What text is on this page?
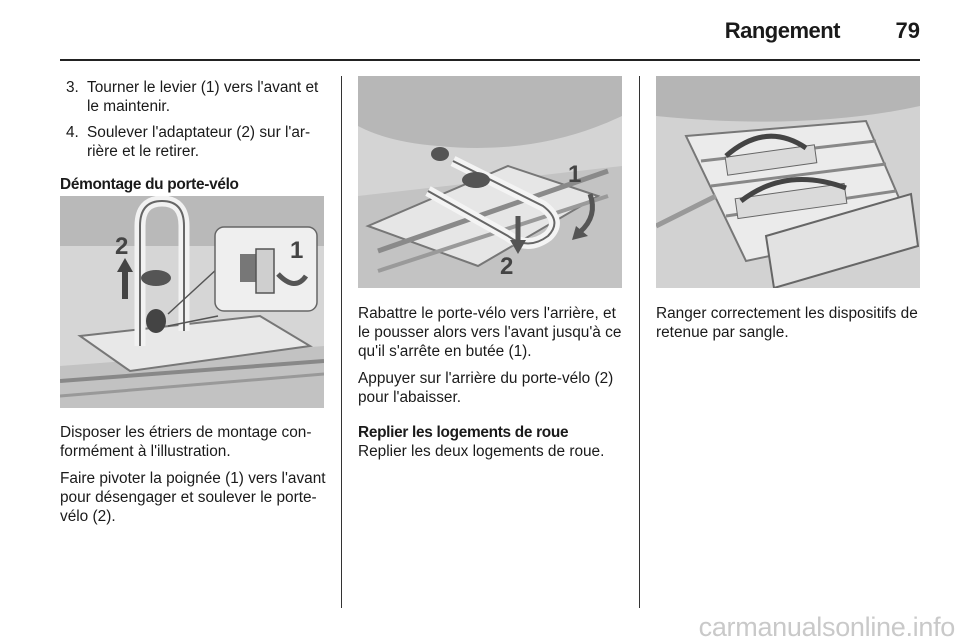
Rangement	79
3. Tourner le levier (1) vers l'avant et le maintenir.
4. Soulever l'adaptateur (2) sur l'ar-rière et le retirer.

Démontage du porte-vélo

2	1

Disposer les étriers de montage con-formément à l'illustration.

Faire pivoter la poignée (1) vers l'avant pour désengager et soulever le porte-vélo (2).

1
2

Rabattre le porte-vélo vers l'arrière, et le pousser alors vers l'avant jusqu'à ce qu'il s'arrête en butée (1).

Appuyer sur l'arrière du porte-vélo (2) pour l'abaisser.

Replier les logements de roue

Replier les deux logements de roue.

Ranger correctement les dispositifs de retenue par sangle.

carmanualsonline.info
